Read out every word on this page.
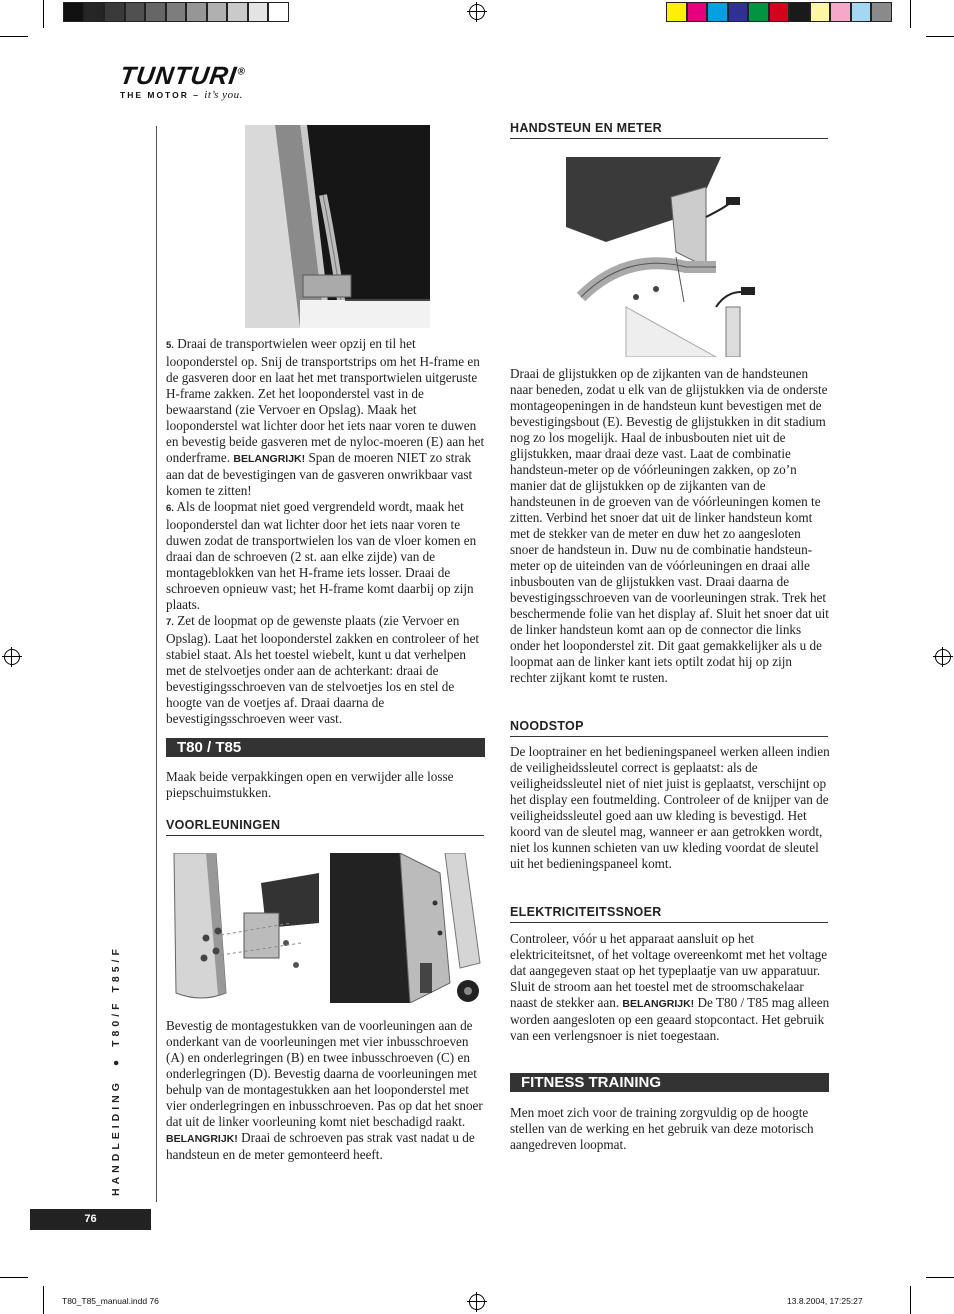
TUNTURI®
THE MOTOR – it’s you.
HANDLEIDING ● T80/F T85/F
76

5. Draai de transportwielen weer opzij en til het looponderstel op. Snij de transportstrips om het H-frame en de gasveren door en laat het met transportwielen uitgeruste H-frame zakken. Zet het looponderstel vast in de bewaarstand (zie Vervoer en Opslag). Maak het looponderstel wat lichter door het iets naar voren te duwen en bevestig beide gasveren met de nyloc-moeren (E) aan het onderframe. BELANGRIJK! Span de moeren NIET zo strak aan dat de bevestigingen van de gasveren onwrikbaar vast komen te zitten!

6. Als de loopmat niet goed vergrendeld wordt, maak het looponderstel dan wat lichter door het iets naar voren te duwen zodat de transportwielen los van de vloer komen en draai dan de schroeven (2 st. aan elke zijde) van de montageblokken van het H-frame iets losser. Draai de schroeven opnieuw vast; het H-frame komt daarbij op zijn plaats.

7. Zet de loopmat op de gewenste plaats (zie Vervoer en Opslag). Laat het looponderstel zakken en controleer of het stabiel staat. Als het toestel wiebelt, kunt u dat verhelpen met de stelvoetjes onder aan de achterkant: draai de bevestigingsschroeven van de stelvoetjes los en stel de hoogte van de voetjes af. Draai daarna de bevestigingsschroeven weer vast.

T80 / T85
Maak beide verpakkingen open en verwijder alle losse piepschuimstukken.
VOORLEUNINGEN
Bevestig de montagestukken van de voorleuningen aan de onderkant van de voorleuningen met vier inbusschroeven (A) en onderlegringen (B) en twee inbusschroeven (C) en onderlegringen (D). Bevestig daarna de voorleuningen met behulp van de montagestukken aan het looponderstel met vier onderlegringen en inbusschroeven. Pas op dat het snoer dat uit de linker voorleuning komt niet beschadigd raakt. BELANGRIJK! Draai de schroeven pas strak vast nadat u de handsteun en de meter gemonteerd heeft.
HANDSTEUN EN METER
Draai de glijstukken op de zijkanten van de handsteunen naar beneden, zodat u elk van de glijstukken via de onderste montageopeningen in de handsteun kunt bevestigen met de bevestigingsbout (E). Bevestig de glijstukken in dit stadium nog zo los mogelijk. Haal de inbusbouten niet uit de glijstukken, maar draai deze vast. Laat de combinatie handsteun-meter op de vóórleuningen zakken, op zo’n manier dat de glijstukken op de zijkanten van de handsteunen in de groeven van de vóórleuningen komen te zitten. Verbind het snoer dat uit de linker handsteun komt met de stekker van de meter en duw het zo aangesloten snoer de handsteun in. Duw nu de combinatie handsteun-meter op de uiteinden van de vóórleuningen en draai alle inbusbouten van de glijstukken vast. Draai daarna de bevestigingsschroeven van de voorleuningen strak. Trek het beschermende folie van het display af. Sluit het snoer dat uit de linker handsteun komt aan op de connector die links onder het looponderstel zit. Dit gaat gemakkelijker als u de loopmat aan de linker kant iets optilt zodat hij op zijn rechter zijkant komt te rusten.
NOODSTOP
De looptrainer en het bedieningspaneel werken alleen indien de veiligheidssleutel correct is geplaatst: als de veiligheidssleutel niet of niet juist is geplaatst, verschijnt op het display een foutmelding. Controleer of de knijper van de veiligheidssleutel goed aan uw kleding is bevestigd. Het koord van de sleutel mag, wanneer er aan getrokken wordt, niet los kunnen schieten van uw kleding voordat de sleutel uit het bedieningspaneel komt.
ELEKTRICITEITSSNOER
Controleer, vóór u het apparaat aansluit op het elektriciteitsnet, of het voltage overeenkomt met het voltage dat aangegeven staat op het typeplaatje van uw apparatuur. Sluit de stroom aan het toestel met de stroomschakelaar naast de stekker aan. BELANGRIJK! De T80 / T85 mag alleen worden aangesloten op een geaard stopcontact. Het gebruik van een verlengsnoer is niet toegestaan.
FITNESS TRAINING
Men moet zich voor de training zorgvuldig op de hoogte stellen van de werking en het gebruik van deze motorisch aangedreven loopmat.
T80_T85_manual.indd 76	13.8.2004, 17:25:27
